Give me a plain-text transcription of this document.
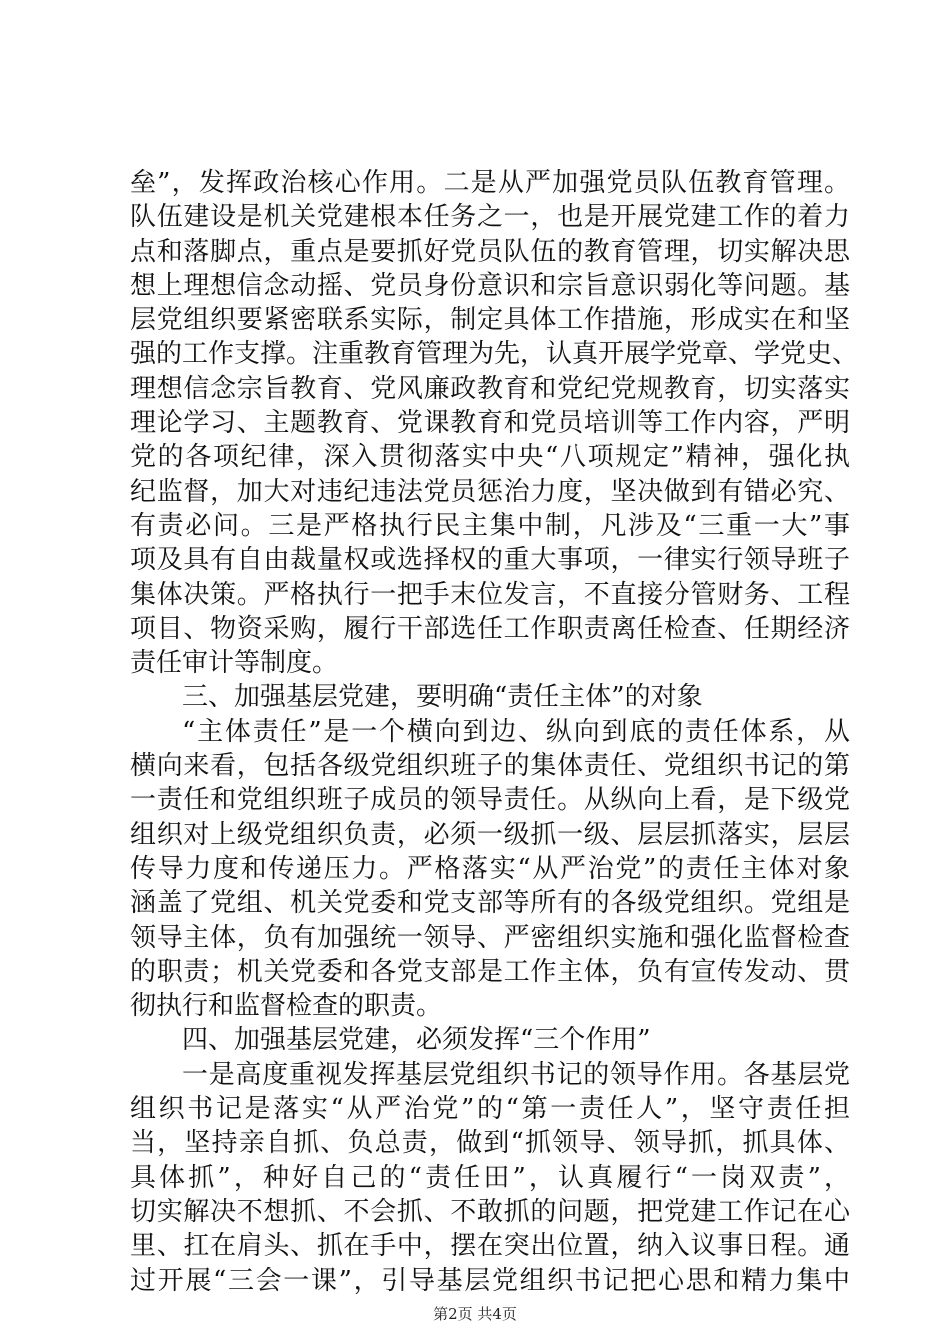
垒”，发挥政治核心作用。二是从严加强党员队伍教育管理。
队伍建设是机关党建根本任务之一，也是开展党建工作的着力
点和落脚点，重点是要抓好党员队伍的教育管理，切实解决思
想上理想信念动摇、党员身份意识和宗旨意识弱化等问题。基
层党组织要紧密联系实际，制定具体工作措施，形成实在和坚
强的工作支撑。注重教育管理为先，认真开展学党章、学党史、
理想信念宗旨教育、党风廉政教育和党纪党规教育，切实落实
理论学习、主题教育、党课教育和党员培训等工作内容，严明
党的各项纪律，深入贯彻落实中央“八项规定”精神，强化执
纪监督，加大对违纪违法党员惩治力度，坚决做到有错必究、
有责必问。三是严格执行民主集中制，凡涉及“三重一大”事
项及具有自由裁量权或选择权的重大事项，一律实行领导班子
集体决策。严格执行一把手末位发言，不直接分管财务、工程
项目、物资采购，履行干部选任工作职责离任检查、任期经济
责任审计等制度。
三、加强基层党建，要明确“责任主体”的对象
“主体责任”是一个横向到边、纵向到底的责任体系，从
横向来看，包括各级党组织班子的集体责任、党组织书记的第
一责任和党组织班子成员的领导责任。从纵向上看，是下级党
组织对上级党组织负责，必须一级抓一级、层层抓落实，层层
传导力度和传递压力。严格落实“从严治党”的责任主体对象
涵盖了党组、机关党委和党支部等所有的各级党组织。党组是
领导主体，负有加强统一领导、严密组织实施和强化监督检查
的职责；机关党委和各党支部是工作主体，负有宣传发动、贯
彻执行和监督检查的职责。
四、加强基层党建，必须发挥“三个作用”
一是高度重视发挥基层党组织书记的领导作用。各基层党
组织书记是落实“从严治党”的“第一责任人”，坚守责任担
当，坚持亲自抓、负总责，做到“抓领导、领导抓，抓具体、
具体抓”，种好自己的“责任田”，认真履行“一岗双责”，
切实解决不想抓、不会抓、不敢抓的问题，把党建工作记在心
里、扛在肩头、抓在手中，摆在突出位置，纳入议事日程。通
过开展“三会一课”，引导基层党组织书记把心思和精力集中
第2页 共4页
